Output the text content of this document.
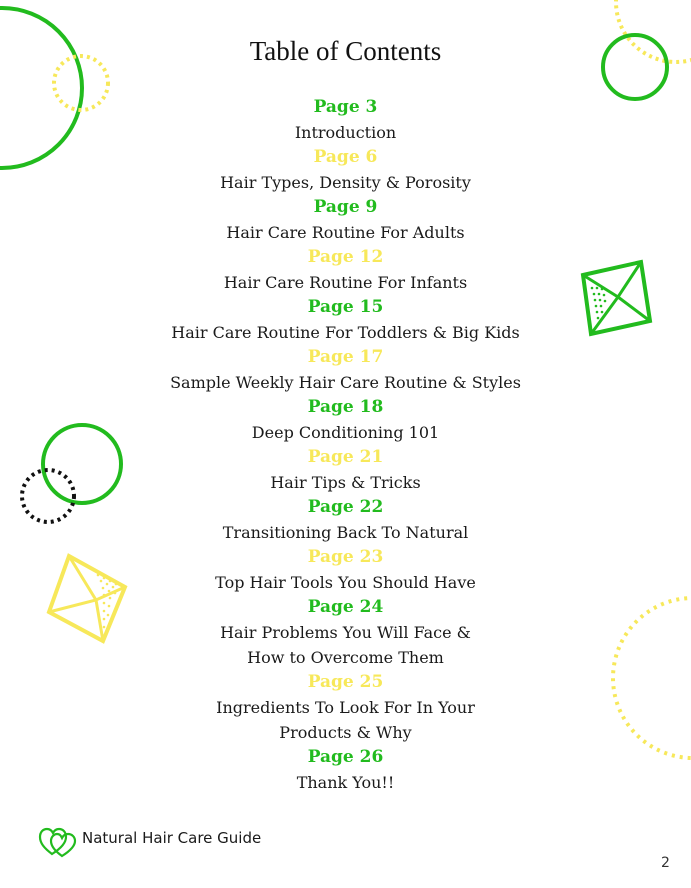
Table of Contents
Page 3
Introduction
Page 6
Hair Types, Density & Porosity
Page 9
Hair Care Routine For Adults
Page 12
Hair Care Routine For Infants
Page 15
Hair Care Routine For Toddlers & Big Kids
Page 17
Sample Weekly Hair Care Routine & Styles
Page 18
Deep Conditioning 101
Page 21
Hair Tips & Tricks
Page 22
Transitioning Back To Natural
Page 23
Top Hair Tools You Should Have
Page 24
Hair Problems You Will Face &
How to Overcome Them
Page 25
Ingredients To Look For In Your
Products & Why
Page 26
Thank You!!
Natural Hair Care Guide
2
